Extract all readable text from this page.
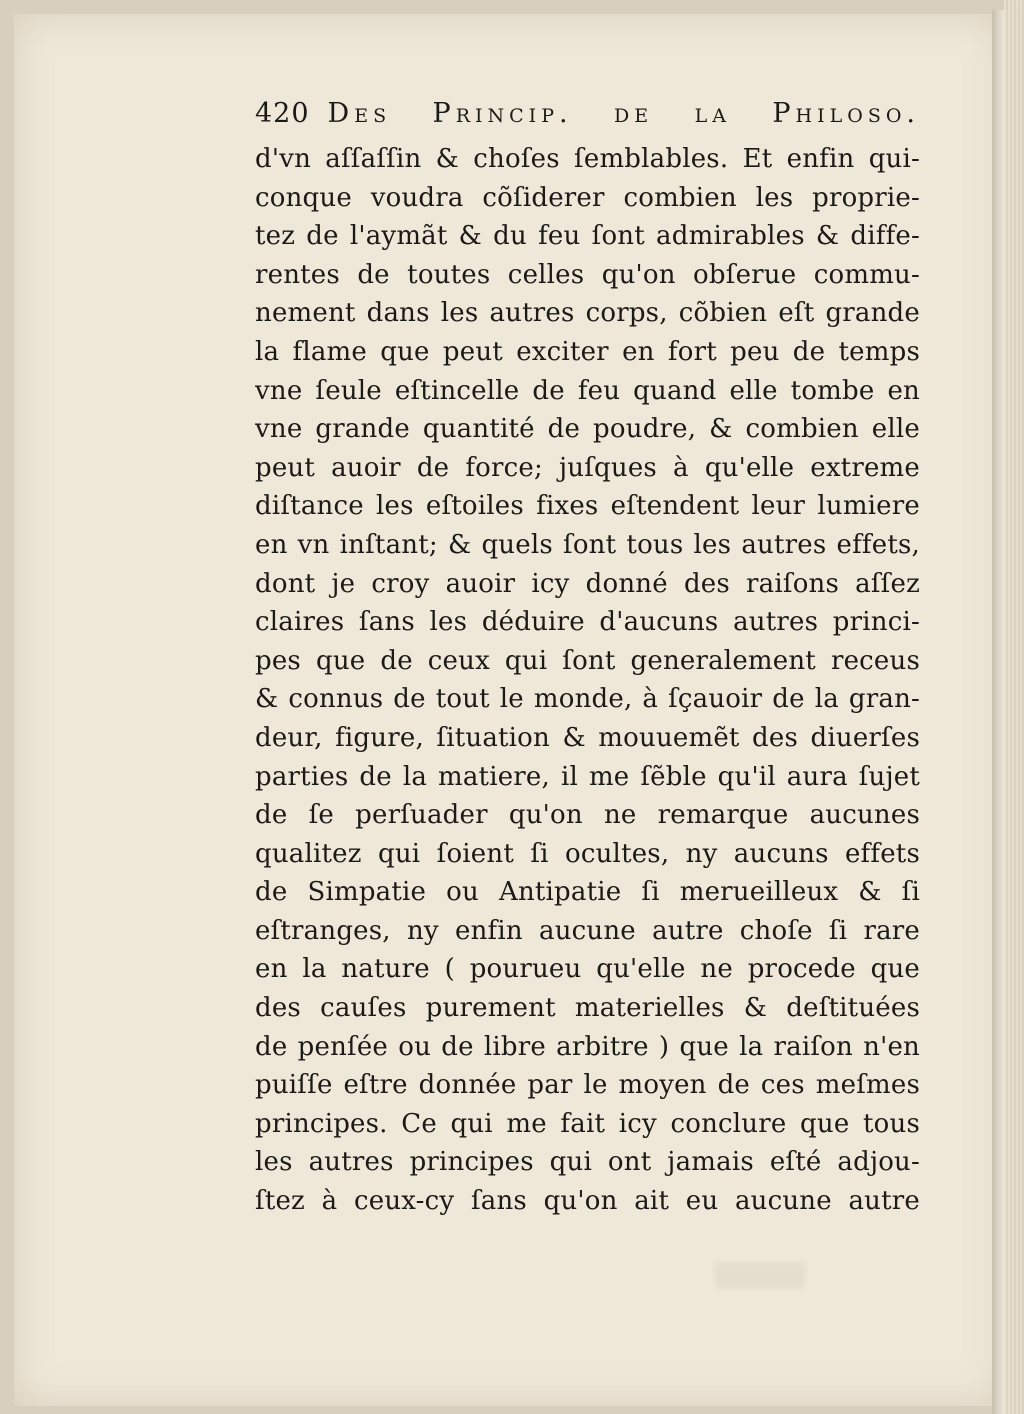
420 Des Princip. de la Philoso.
d'vn aſſaſſin & choſes ſemblables. Et enfin qui-
conque voudra cõſiderer combien les proprie-
tez de l'aymãt & du feu ſont admirables & diffe-
rentes de toutes celles qu'on obſerue commu-
nement dans les autres corps, cõbien eſt grande
la flame que peut exciter en fort peu de temps
vne ſeule eſtincelle de feu quand elle tombe en
vne grande quantité de poudre, & combien elle
peut auoir de force; juſques à qu'elle extreme
diſtance les eſtoiles fixes eſtendent leur lumiere
en vn inſtant; & quels ſont tous les autres effets,
dont je croy auoir icy donné des raiſons aſſez
claires ſans les déduire d'aucuns autres princi-
pes que de ceux qui ſont generalement receus
& connus de tout le monde, à ſçauoir de la gran-
deur, figure, ſituation & mouuemẽt des diuerſes
parties de la matiere, il me ſẽble qu'il aura ſujet
de ſe perſuader qu'on ne remarque aucunes
qualitez qui ſoient ſi ocultes, ny aucuns effets
de Simpatie ou Antipatie ſi merueilleux & ſi
eſtranges, ny enfin aucune autre choſe ſi rare
en la nature ( pourueu qu'elle ne procede que
des cauſes purement materielles & deſtituées
de penſée ou de libre arbitre ) que la raiſon n'en
puiſſe eſtre donnée par le moyen de ces meſmes
principes. Ce qui me fait icy conclure que tous
les autres principes qui ont jamais eſté adjou-
ſtez à ceux-cy ſans qu'on ait eu aucune autre
